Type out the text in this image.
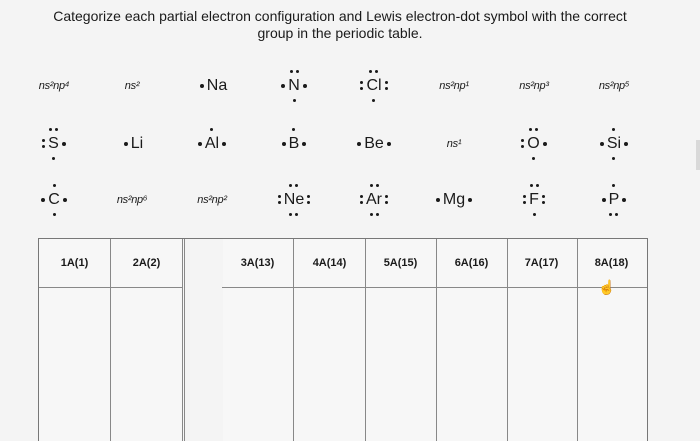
Categorize each partial electron configuration and Lewis electron-dot symbol with the correct
group in the periodic table.
ns²np⁴	ns²	Na	N	Cl	ns²np¹	ns²np³	ns²np⁵
S	Li	Al	B	Be	ns¹	O	Si
C	ns²np⁶	ns²np²	Ne	Ar	Mg	F	P
1A(1)	2A(2)	3A(13)	4A(14)	5A(15)	6A(16)	7A(17)	8A(18)
☝
